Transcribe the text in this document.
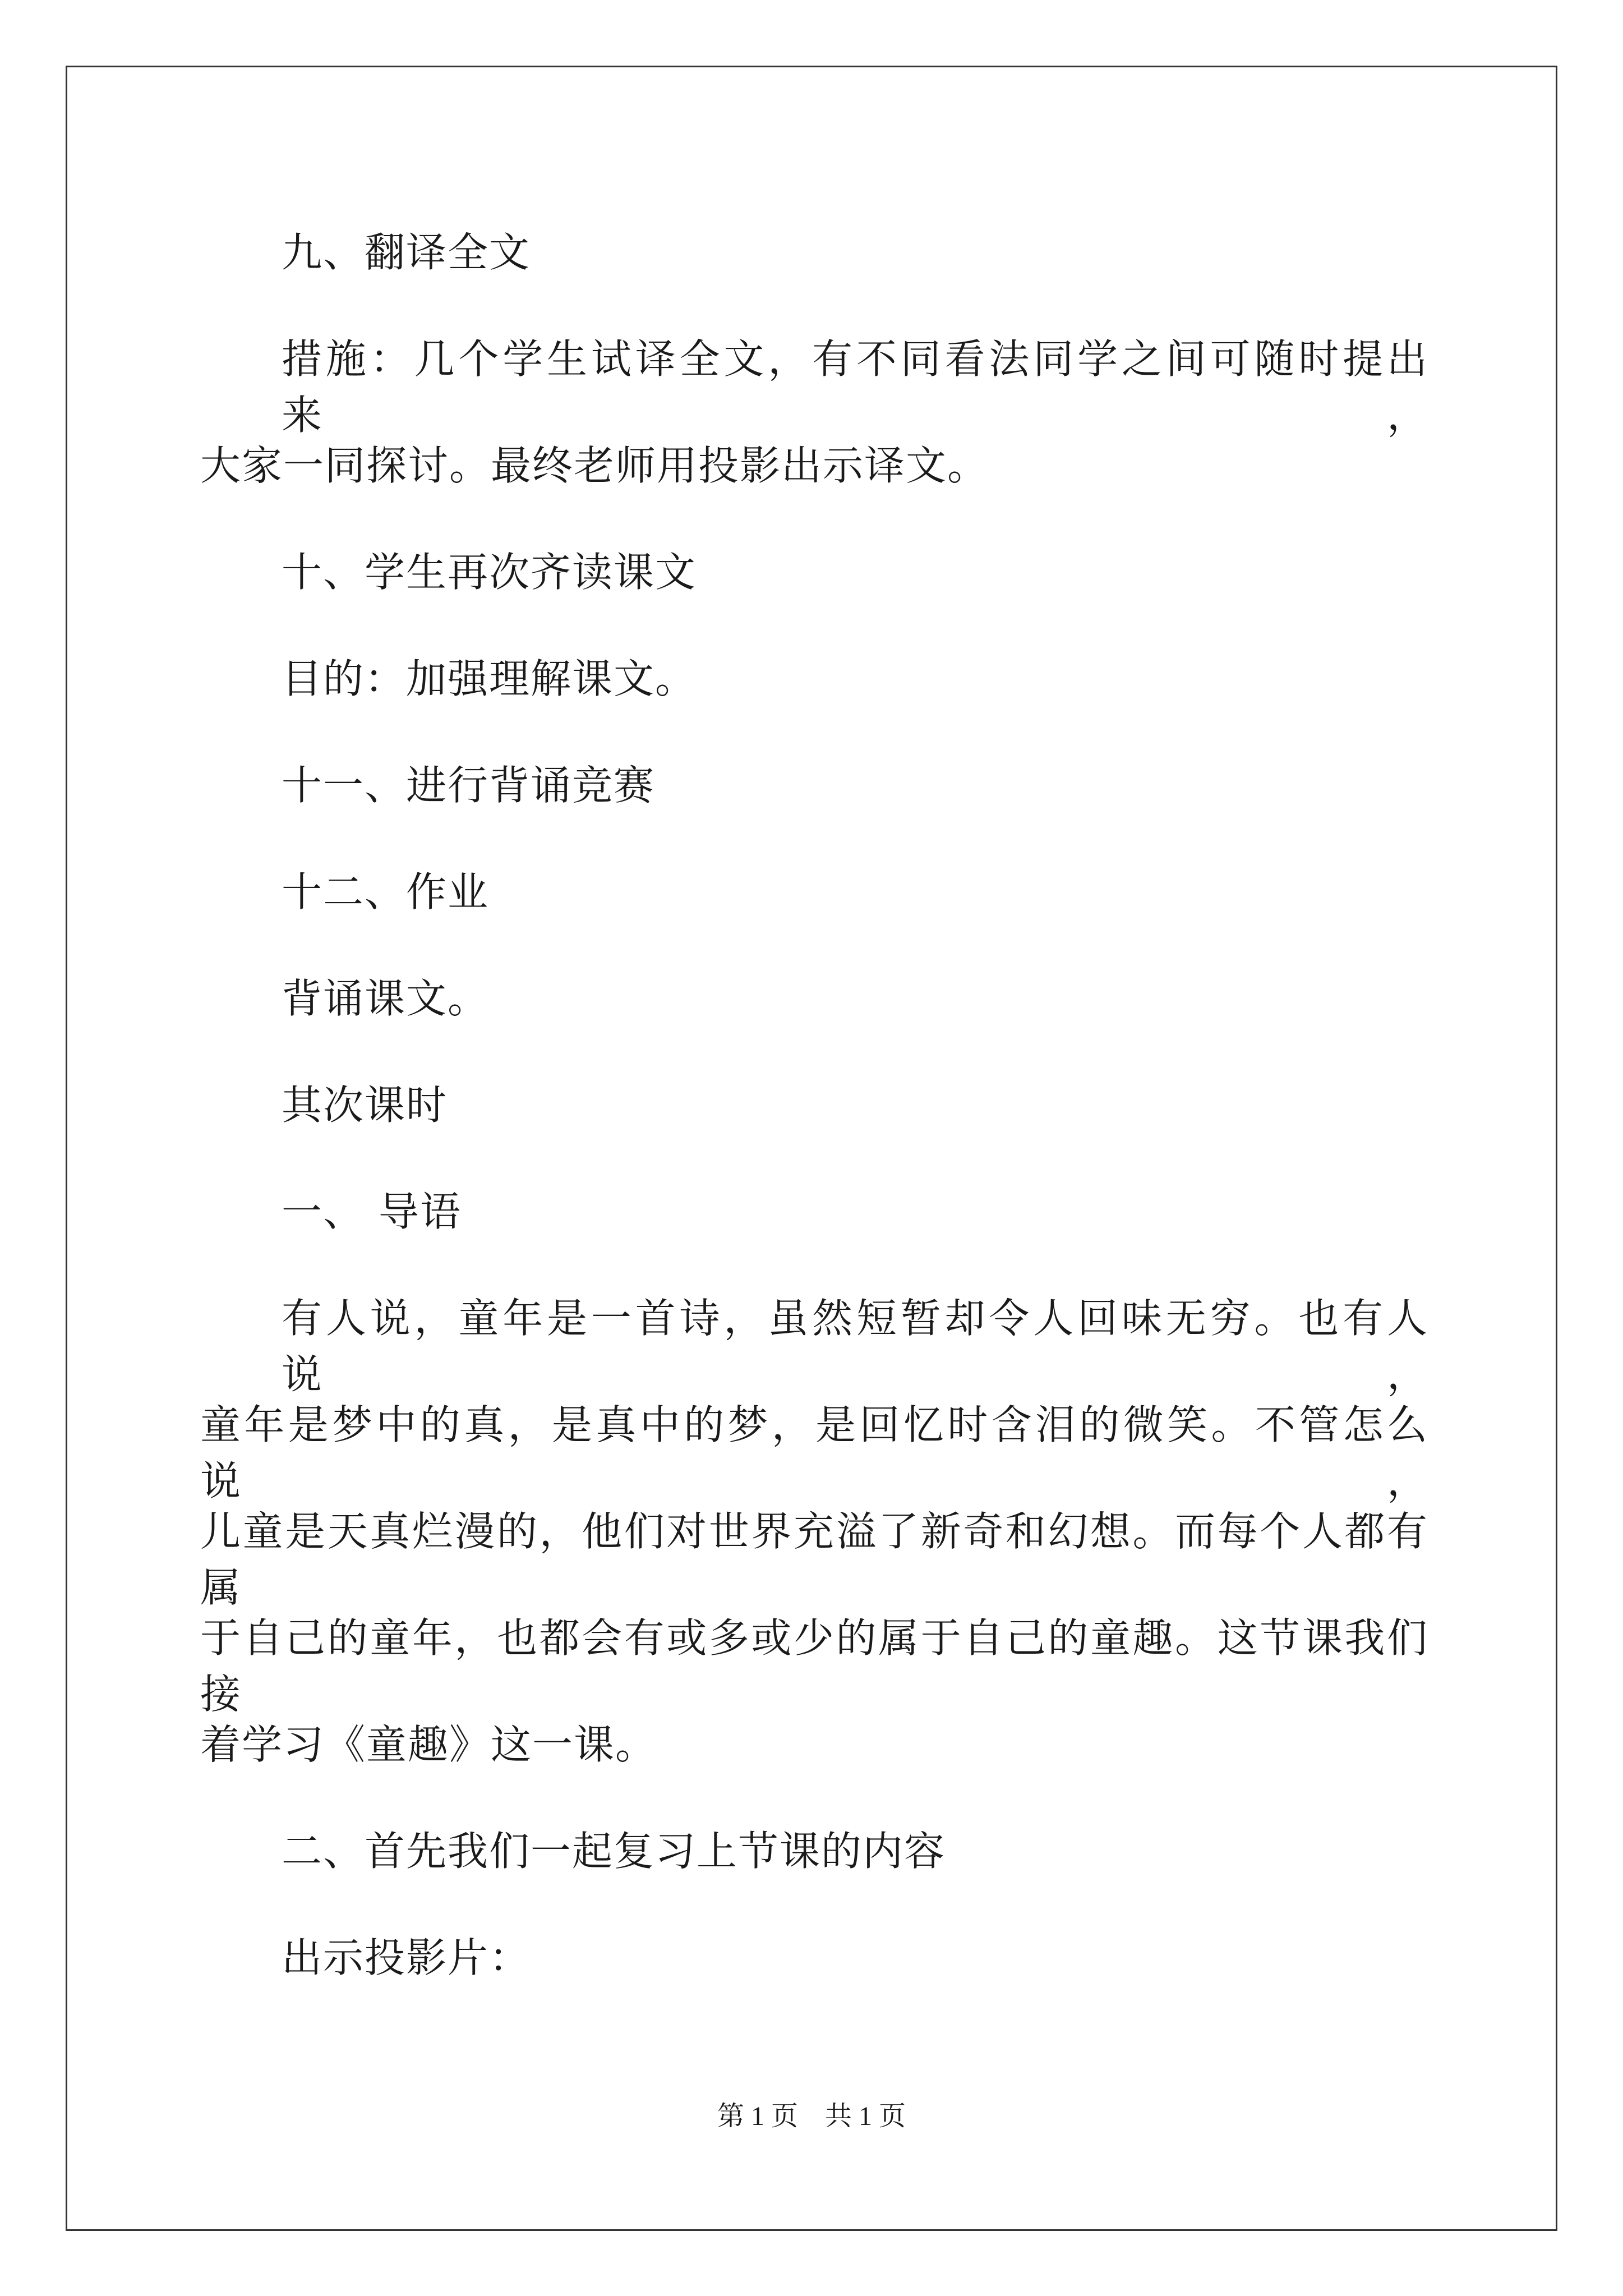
九、翻译全文
措施：几个学生试译全文，有不同看法同学之间可随时提出来，
大家一同探讨。最终老师用投影出示译文。
十、学生再次齐读课文
目的：加强理解课文。
十一、进行背诵竞赛
十二、作业
背诵课文。
其次课时
一、 导语
有人说，童年是一首诗，虽然短暂却令人回味无穷。也有人说，
童年是梦中的真，是真中的梦，是回忆时含泪的微笑。不管怎么说，
儿童是天真烂漫的，他们对世界充溢了新奇和幻想。而每个人都有属
于自己的童年，也都会有或多或少的属于自己的童趣。这节课我们接
着学习《童趣》这一课。
二、首先我们一起复习上节课的内容
出示投影片：
第 1 页　共 1 页
